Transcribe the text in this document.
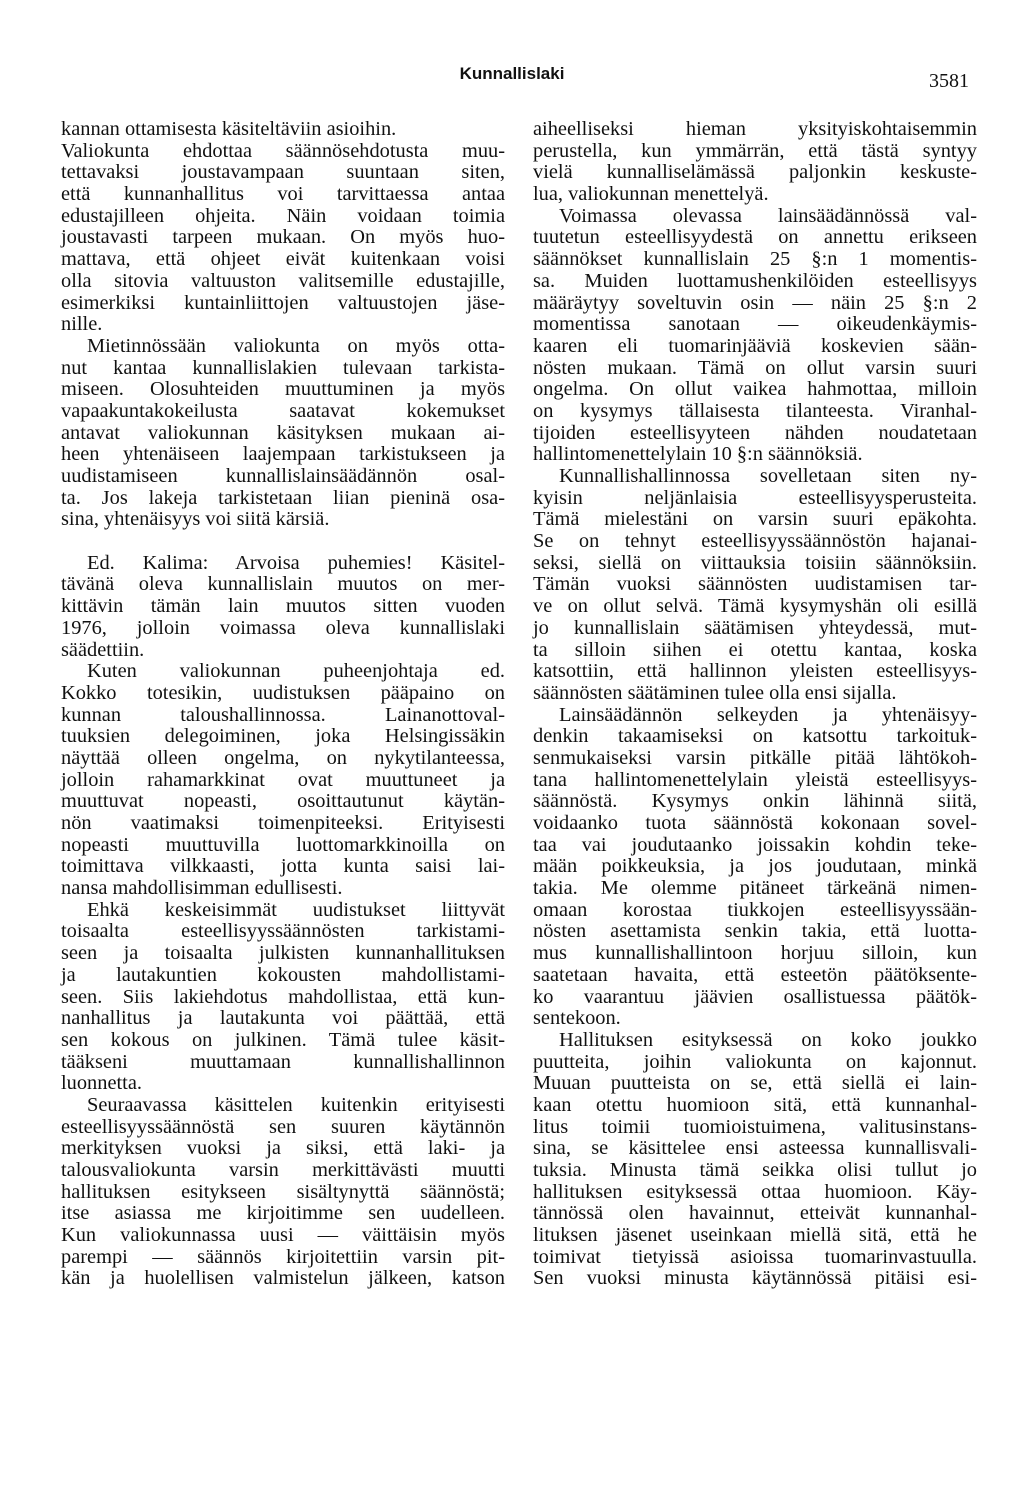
Kunnallislaki	3581
kannan ottamisesta käsiteltäviin asioihin.
Valiokunta ehdottaa säännösehdotusta muu-
tettavaksi joustavampaan suuntaan siten,
että kunnanhallitus voi tarvittaessa antaa
edustajilleen ohjeita. Näin voidaan toimia
joustavasti tarpeen mukaan. On myös huo-
mattava, että ohjeet eivät kuitenkaan voisi
olla sitovia valtuuston valitsemille edustajille,
esimerkiksi kuntainliittojen valtuustojen jäse-
nille.
Mietinnössään valiokunta on myös otta-
nut kantaa kunnallislakien tulevaan tarkista-
miseen. Olosuhteiden muuttuminen ja myös
vapaakuntakokeilusta saatavat kokemukset
antavat valiokunnan käsityksen mukaan ai-
heen yhtenäiseen laajempaan tarkistukseen ja
uudistamiseen kunnallislainsäädännön osal-
ta. Jos lakeja tarkistetaan liian pieninä osa-
sina, yhtenäisyys voi siitä kärsiä.
Ed. Kalima: Arvoisa puhemies! Käsitel-
tävänä oleva kunnallislain muutos on mer-
kittävin tämän lain muutos sitten vuoden
1976, jolloin voimassa oleva kunnallislaki
säädettiin.
Kuten valiokunnan puheenjohtaja ed.
Kokko totesikin, uudistuksen pääpaino on
kunnan taloushallinnossa. Lainanottoval-
tuuksien delegoiminen, joka Helsingissäkin
näyttää olleen ongelma, on nykytilanteessa,
jolloin rahamarkkinat ovat muuttuneet ja
muuttuvat nopeasti, osoittautunut käytän-
nön vaatimaksi toimenpiteeksi. Erityisesti
nopeasti muuttuvilla luottomarkkinoilla on
toimittava vilkkaasti, jotta kunta saisi lai-
nansa mahdollisimman edullisesti.
Ehkä keskeisimmät uudistukset liittyvät
toisaalta esteellisyyssäännösten tarkistami-
seen ja toisaalta julkisten kunnanhallituksen
ja lautakuntien kokousten mahdollistami-
seen. Siis lakiehdotus mahdollistaa, että kun-
nanhallitus ja lautakunta voi päättää, että
sen kokous on julkinen. Tämä tulee käsit-
tääkseni muuttamaan kunnallishallinnon
luonnetta.
Seuraavassa käsittelen kuitenkin erityisesti
esteellisyyssäännöstä sen suuren käytännön
merkityksen vuoksi ja siksi, että laki- ja
talousvaliokunta varsin merkittävästi muutti
hallituksen esitykseen sisältynyttä säännöstä;
itse asiassa me kirjoitimme sen uudelleen.
Kun valiokunnassa uusi — väittäisin myös
parempi — säännös kirjoitettiin varsin pit-
kän ja huolellisen valmistelun jälkeen, katson
aiheelliseksi hieman yksityiskohtaisemmin
perustella, kun ymmärrän, että tästä syntyy
vielä kunnalliselämässä paljonkin keskuste-
lua, valiokunnan menettelyä.
Voimassa olevassa lainsäädännössä val-
tuutetun esteellisyydestä on annettu erikseen
säännökset kunnallislain 25 §:n 1 momentis-
sa. Muiden luottamushenkilöiden esteellisyys
määräytyy soveltuvin osin — näin 25 §:n 2
momentissa sanotaan — oikeudenkäymis-
kaaren eli tuomarinjääviä koskevien sään-
nösten mukaan. Tämä on ollut varsin suuri
ongelma. On ollut vaikea hahmottaa, milloin
on kysymys tällaisesta tilanteesta. Viranhal-
tijoiden esteellisyyteen nähden noudatetaan
hallintomenettelylain 10 §:n säännöksiä.
Kunnallishallinnossa sovelletaan siten ny-
kyisin neljänlaisia esteellisyysperusteita.
Tämä mielestäni on varsin suuri epäkohta.
Se on tehnyt esteellisyyssäännöstön hajanai-
seksi, siellä on viittauksia toisiin säännöksiin.
Tämän vuoksi säännösten uudistamisen tar-
ve on ollut selvä. Tämä kysymyshän oli esillä
jo kunnallislain säätämisen yhteydessä, mut-
ta silloin siihen ei otettu kantaa, koska
katsottiin, että hallinnon yleisten esteellisyys-
säännösten säätäminen tulee olla ensi sijalla.
Lainsäädännön selkeyden ja yhtenäisyy-
denkin takaamiseksi on katsottu tarkoituk-
senmukaiseksi varsin pitkälle pitää lähtökoh-
tana hallintomenettelylain yleistä esteellisyys-
säännöstä. Kysymys onkin lähinnä siitä,
voidaanko tuota säännöstä kokonaan sovel-
taa vai joudutaanko joissakin kohdin teke-
mään poikkeuksia, ja jos joudutaan, minkä
takia. Me olemme pitäneet tärkeänä nimen-
omaan korostaa tiukkojen esteellisyyssään-
nösten asettamista senkin takia, että luotta-
mus kunnallishallintoon horjuu silloin, kun
saatetaan havaita, että esteetön päätöksente-
ko vaarantuu jäävien osallistuessa päätök-
sentekoon.
Hallituksen esityksessä on koko joukko
puutteita, joihin valiokunta on kajonnut.
Muuan puutteista on se, että siellä ei lain-
kaan otettu huomioon sitä, että kunnanhal-
litus toimii tuomioistuimena, valitusinstans-
sina, se käsittelee ensi asteessa kunnallisvali-
tuksia. Minusta tämä seikka olisi tullut jo
hallituksen esityksessä ottaa huomioon. Käy-
tännössä olen havainnut, etteivät kunnanhal-
lituksen jäsenet useinkaan miellä sitä, että he
toimivat tietyissä asioissa tuomarinvastuulla.
Sen vuoksi minusta käytännössä pitäisi esi-
